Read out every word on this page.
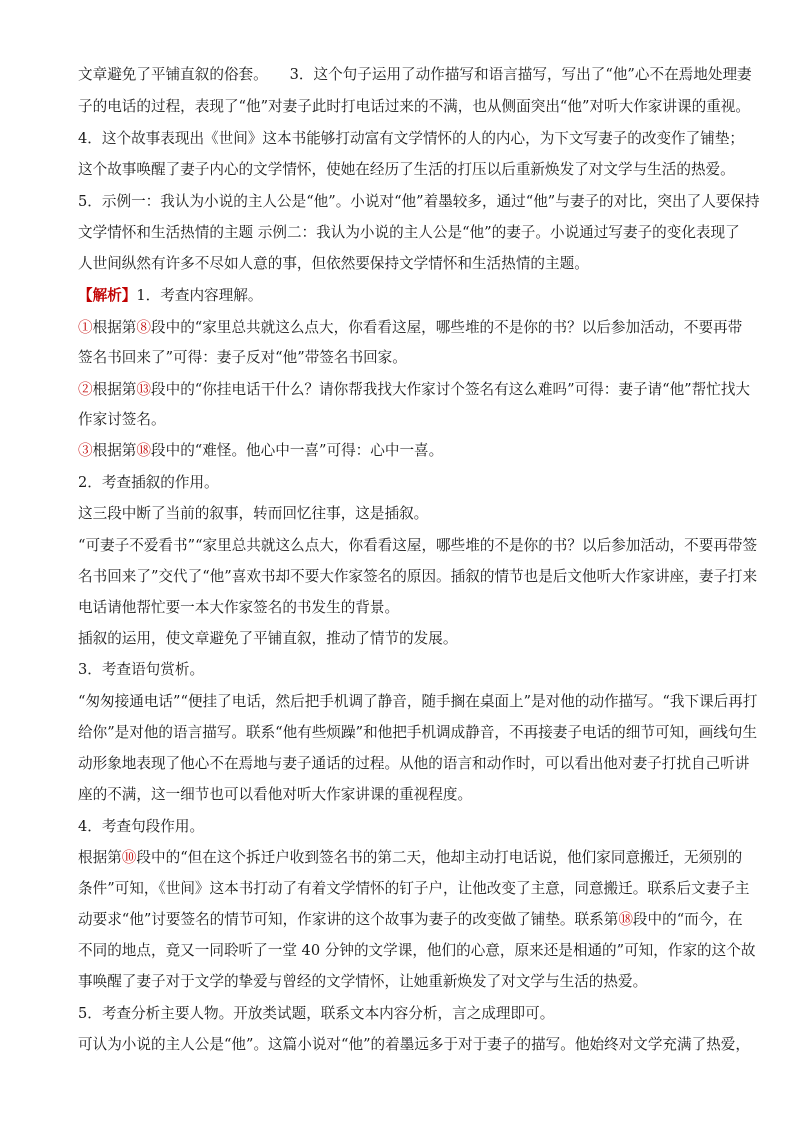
文章避免了平铺直叙的俗套。　　3．这个句子运用了动作描写和语言描写，写出了“他”心不在焉地处理妻
子的电话的过程，表现了“他”对妻子此时打电话过来的不满，也从侧面突出“他”对听大作家讲课的重视。
4．这个故事表现出《世间》这本书能够打动富有文学情怀的人的内心，为下文写妻子的改变作了铺垫；
这个故事唤醒了妻子内心的文学情怀，使她在经历了生活的打压以后重新焕发了对文学与生活的热爱。
5．示例一：我认为小说的主人公是“他”。小说对“他”着墨较多，通过“他”与妻子的对比，突出了人要保持
文学情怀和生活热情的主题 示例二：我认为小说的主人公是“他”的妻子。小说通过写妻子的变化表现了
人世间纵然有许多不尽如人意的事，但依然要保持文学情怀和生活热情的主题。
【解析】1．考查内容理解。
①根据第⑧段中的“家里总共就这么点大，你看看这屋，哪些堆的不是你的书？以后参加活动，不要再带
签名书回来了”可得：妻子反对“他”带签名书回家。
②根据第⑬段中的“你挂电话干什么？请你帮我找大作家讨个签名有这么难吗”可得：妻子请“他”帮忙找大
作家讨签名。
③根据第⑱段中的“难怪。他心中一喜”可得：心中一喜。
2．考查插叙的作用。
这三段中断了当前的叙事，转而回忆往事，这是插叙。
“可妻子不爱看书”“家里总共就这么点大，你看看这屋，哪些堆的不是你的书？以后参加活动，不要再带签
名书回来了”交代了“他”喜欢书却不要大作家签名的原因。插叙的情节也是后文他听大作家讲座，妻子打来
电话请他帮忙要一本大作家签名的书发生的背景。
插叙的运用，使文章避免了平铺直叙，推动了情节的发展。
3．考查语句赏析。
“匆匆接通电话”“便挂了电话，然后把手机调了静音，随手搁在桌面上”是对他的动作描写。“我下课后再打
给你”是对他的语言描写。联系“他有些烦躁”和他把手机调成静音，不再接妻子电话的细节可知，画线句生
动形象地表现了他心不在焉地与妻子通话的过程。从他的语言和动作时，可以看出他对妻子打扰自己听讲
座的不满，这一细节也可以看他对听大作家讲课的重视程度。
4．考查句段作用。
根据第⑩段中的“但在这个拆迁户收到签名书的第二天，他却主动打电话说，他们家同意搬迁，无须别的
条件”可知，《世间》这本书打动了有着文学情怀的钉子户，让他改变了主意，同意搬迁。联系后文妻子主
动要求“他”讨要签名的情节可知，作家讲的这个故事为妻子的改变做了铺垫。联系第⑱段中的“而今，在
不同的地点，竟又一同聆听了一堂 40 分钟的文学课，他们的心意，原来还是相通的”可知，作家的这个故
事唤醒了妻子对于文学的挚爱与曾经的文学情怀，让她重新焕发了对文学与生活的热爱。
5．考查分析主要人物。开放类试题，联系文本内容分析，言之成理即可。
可认为小说的主人公是“他”。这篇小说对“他”的着墨远多于对于妻子的描写。他始终对文学充满了热爱，
